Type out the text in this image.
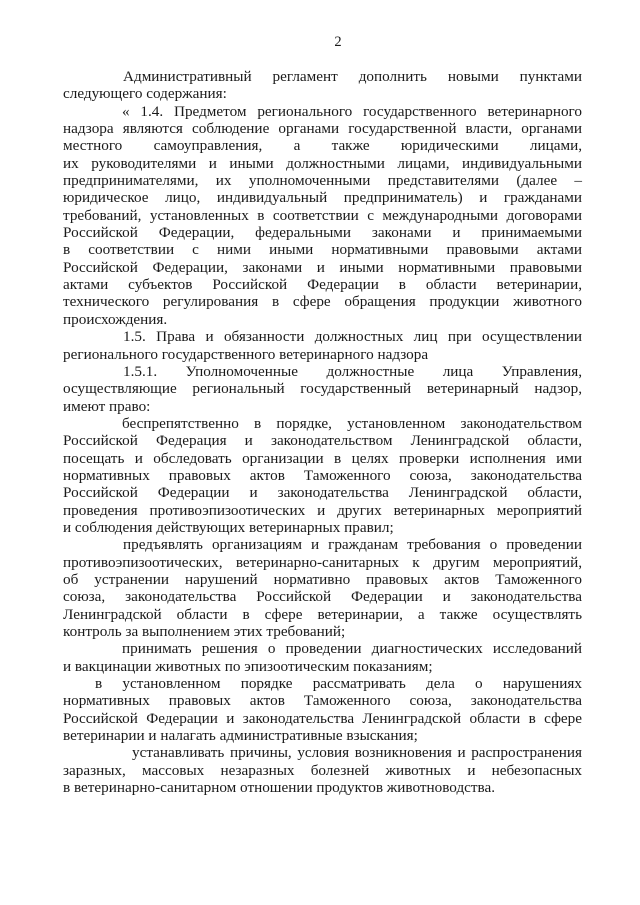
2
Административный регламент дополнить новыми пунктами
следующего содержания:
« 1.4. Предметом регионального государственного ветеринарного
надзора являются соблюдение органами государственной власти, органами
местного самоуправления, а также юридическими лицами,
их руководителями и иными должностными лицами, индивидуальными
предпринимателями, их уполномоченными представителями (далее –
юридическое лицо, индивидуальный предприниматель) и гражданами
требований, установленных в соответствии с международными договорами
Российской Федерации, федеральными законами и принимаемыми
в соответствии с ними иными нормативными правовыми актами
Российской Федерации, законами и иными нормативными правовыми
актами субъектов Российской Федерации в области ветеринарии,
технического регулирования в сфере обращения продукции животного
происхождения.
1.5. Права и обязанности должностных лиц при осуществлении
регионального государственного ветеринарного надзора
1.5.1. Уполномоченные должностные лица Управления,
осуществляющие региональный государственный ветеринарный надзор,
имеют право:
беспрепятственно в порядке, установленном законодательством
Российской Федерация и законодательством Ленинградской области,
посещать и обследовать организации в целях проверки исполнения ими
нормативных правовых актов Таможенного союза, законодательства
Российской Федерации и законодательства Ленинградской области,
проведения противоэпизоотических и других ветеринарных мероприятий
и соблюдения действующих ветеринарных правил;
предъявлять организациям и гражданам требования о проведении
противоэпизоотических, ветеринарно-санитарных к другим мероприятий,
об устранении нарушений нормативно правовых актов Таможенного
союза, законодательства Российской Федерации и законодательства
Ленинградской области в сфере ветеринарии, а также осуществлять
контроль за выполнением этих требований;
принимать решения о проведении диагностических исследований
и вакцинации животных по эпизоотическим показаниям;
в установленном порядке рассматривать дела о нарушениях
нормативных правовых актов Таможенного союза, законодательства
Российской Федерации и законодательства Ленинградской области в сфере
ветеринарии и налагать административные взыскания;
устанавливать причины, условия возникновения и распространения
заразных, массовых незаразных болезней животных и небезопасных
в ветеринарно-санитарном отношении продуктов животноводства.
